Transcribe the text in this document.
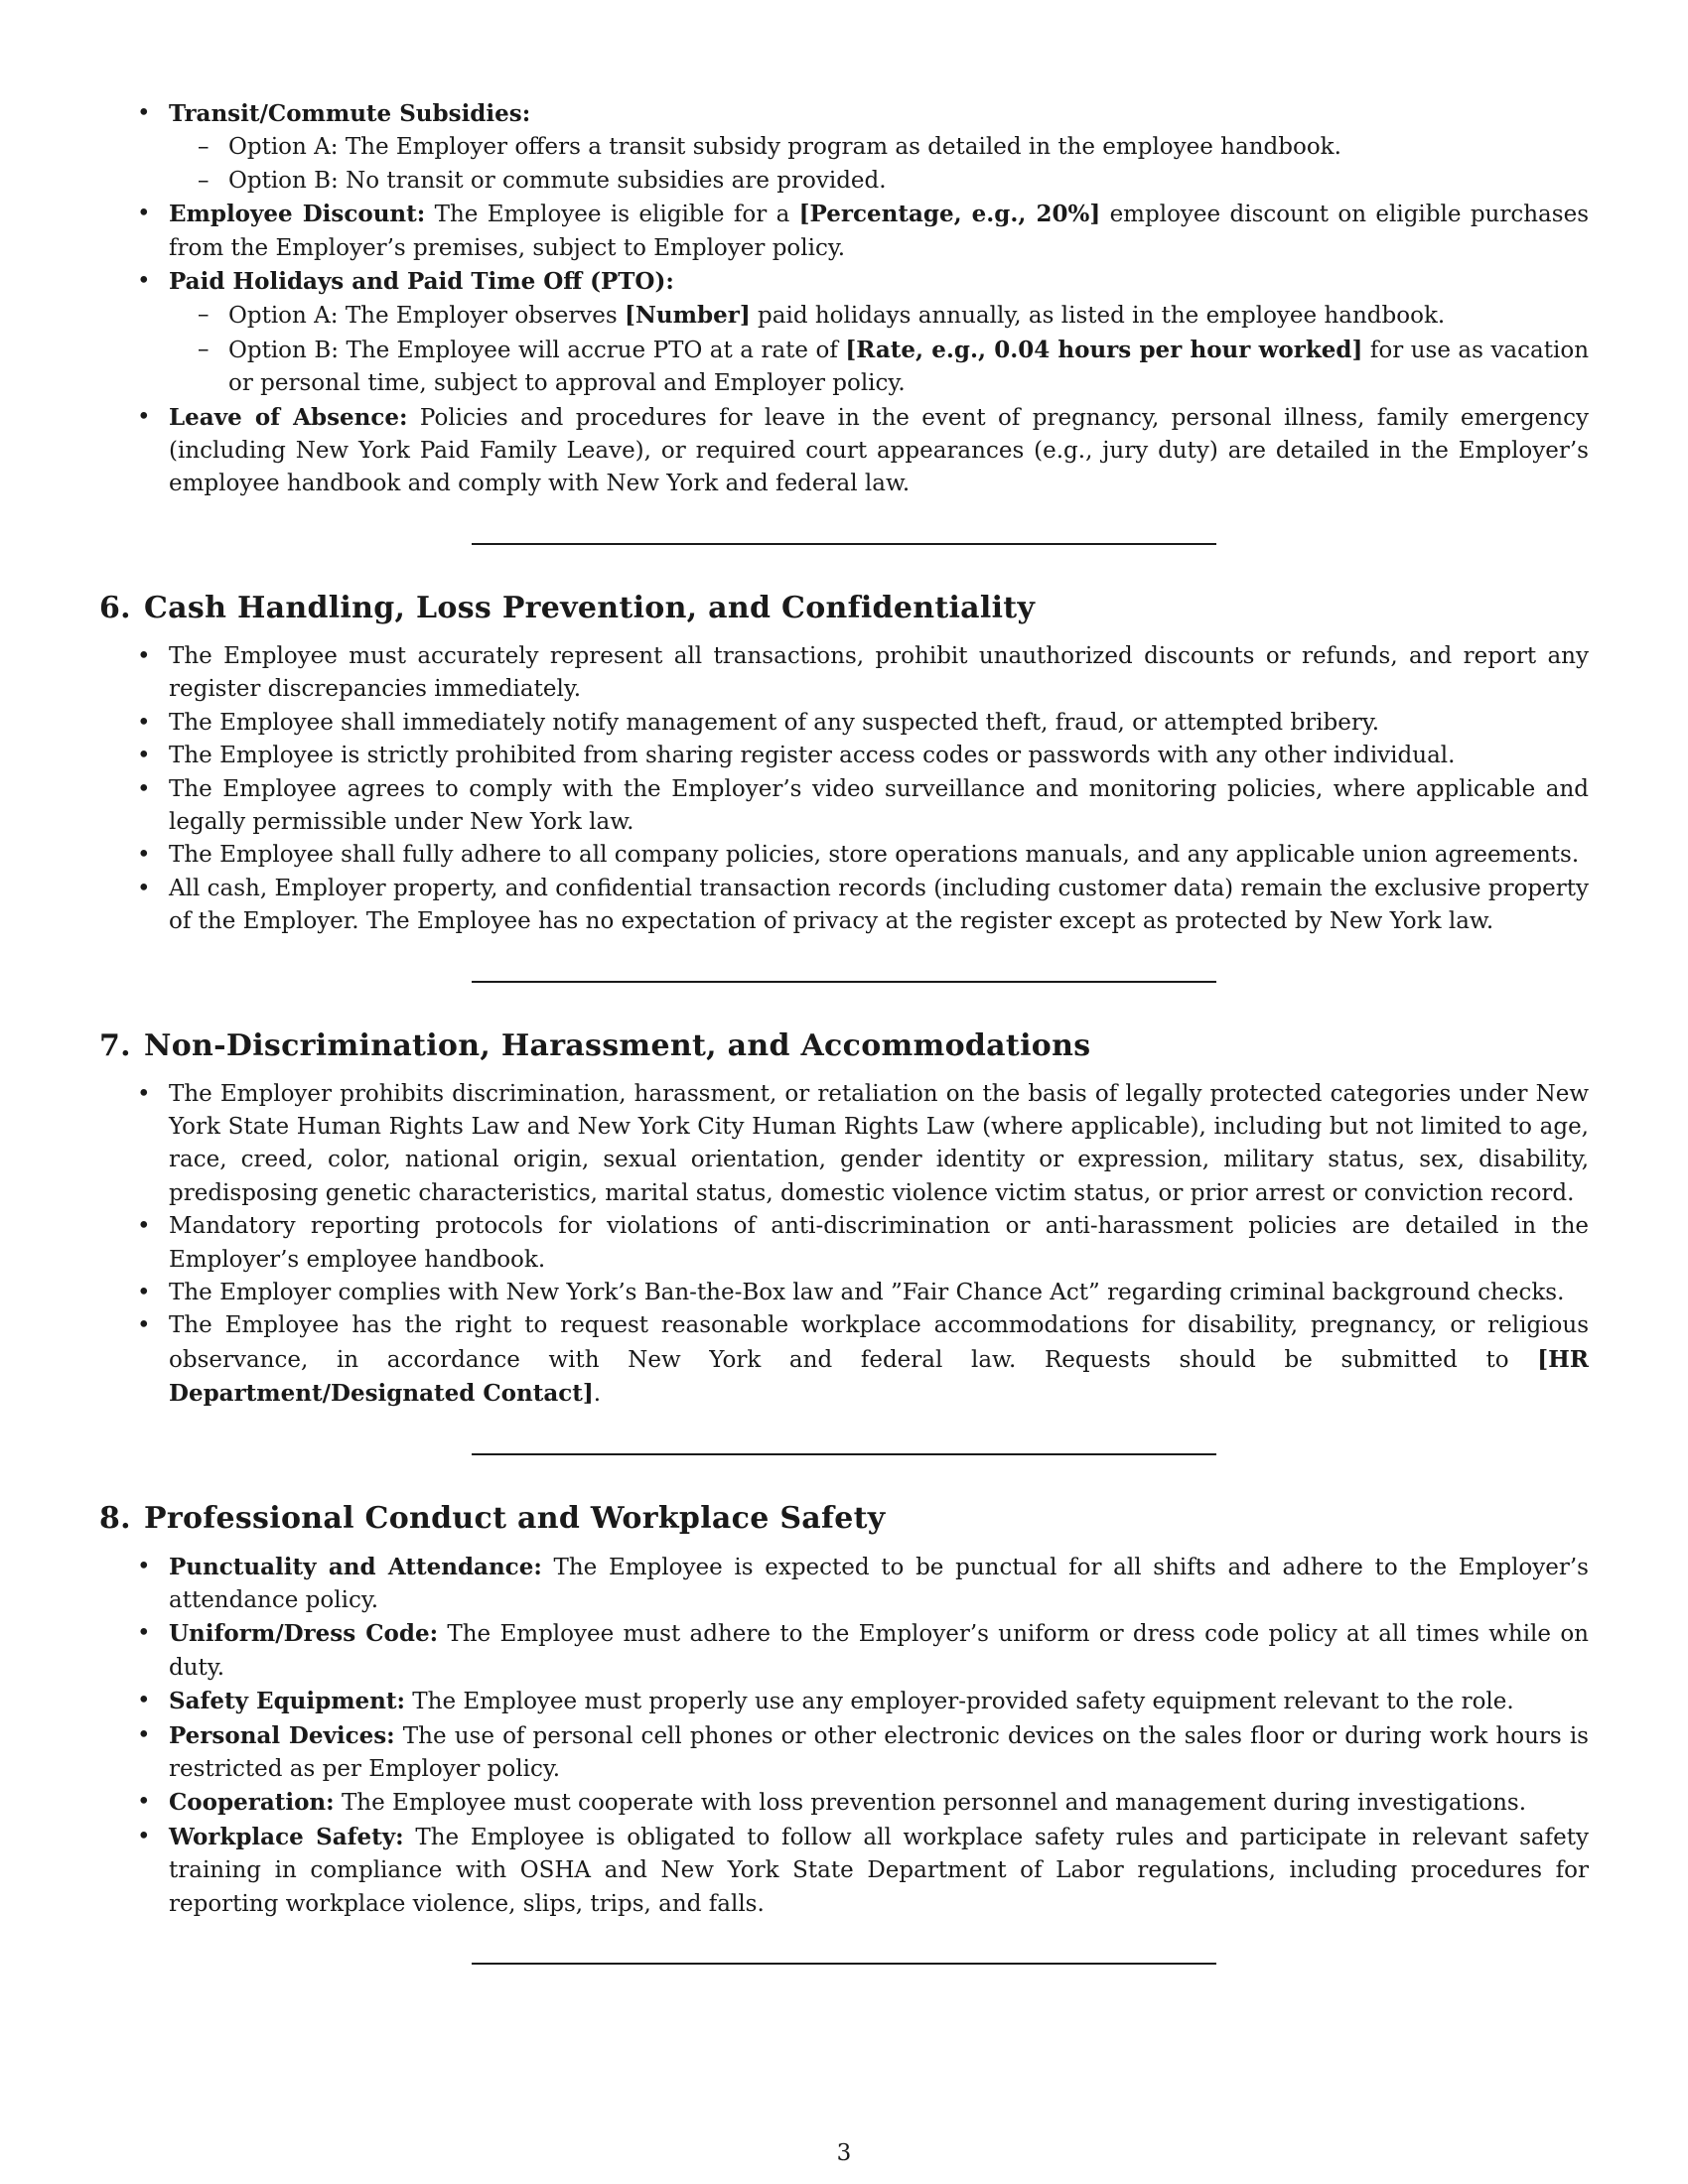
• Transit/Commute Subsidies:
– Option A: The Employer offers a transit subsidy program as detailed in the employee handbook.
– Option B: No transit or commute subsidies are provided.
• Employee Discount: The Employee is eligible for a [Percentage, e.g., 20%] employee discount on eligible purchases from the Employer’s premises, subject to Employer policy.
• Paid Holidays and Paid Time Off (PTO):
– Option A: The Employer observes [Number] paid holidays annually, as listed in the employee handbook.
– Option B: The Employee will accrue PTO at a rate of [Rate, e.g., 0.04 hours per hour worked] for use as vacation or personal time, subject to approval and Employer policy.
• Leave of Absence: Policies and procedures for leave in the event of pregnancy, personal illness, family emergency (including New York Paid Family Leave), or required court appearances (e.g., jury duty) are detailed in the Employer’s employee handbook and comply with New York and federal law.
6. Cash Handling, Loss Prevention, and Confidentiality
• The Employee must accurately represent all transactions, prohibit unauthorized discounts or refunds, and report any register discrepancies immediately.
• The Employee shall immediately notify management of any suspected theft, fraud, or attempted bribery.
• The Employee is strictly prohibited from sharing register access codes or passwords with any other individual.
• The Employee agrees to comply with the Employer’s video surveillance and monitoring policies, where applicable and legally permissible under New York law.
• The Employee shall fully adhere to all company policies, store operations manuals, and any applicable union agreements.
• All cash, Employer property, and confidential transaction records (including customer data) remain the exclusive property of the Employer. The Employee has no expectation of privacy at the register except as protected by New York law.
7. Non-Discrimination, Harassment, and Accommodations
• The Employer prohibits discrimination, harassment, or retaliation on the basis of legally protected categories under New York State Human Rights Law and New York City Human Rights Law (where applicable), including but not limited to age, race, creed, color, national origin, sexual orientation, gender identity or expression, military status, sex, disability, predisposing genetic characteristics, marital status, domestic violence victim status, or prior arrest or conviction record.
• Mandatory reporting protocols for violations of anti-discrimination or anti-harassment policies are detailed in the Employer’s employee handbook.
• The Employer complies with New York’s Ban-the-Box law and ”Fair Chance Act” regarding criminal background checks.
• The Employee has the right to request reasonable workplace accommodations for disability, pregnancy, or religious observance, in accordance with New York and federal law. Requests should be submitted to [HR Department/Designated Contact].
8. Professional Conduct and Workplace Safety
• Punctuality and Attendance: The Employee is expected to be punctual for all shifts and adhere to the Employer’s attendance policy.
• Uniform/Dress Code: The Employee must adhere to the Employer’s uniform or dress code policy at all times while on duty.
• Safety Equipment: The Employee must properly use any employer-provided safety equipment relevant to the role.
• Personal Devices: The use of personal cell phones or other electronic devices on the sales floor or during work hours is restricted as per Employer policy.
• Cooperation: The Employee must cooperate with loss prevention personnel and management during investigations.
• Workplace Safety: The Employee is obligated to follow all workplace safety rules and participate in relevant safety training in compliance with OSHA and New York State Department of Labor regulations, including procedures for reporting workplace violence, slips, trips, and falls.
3
